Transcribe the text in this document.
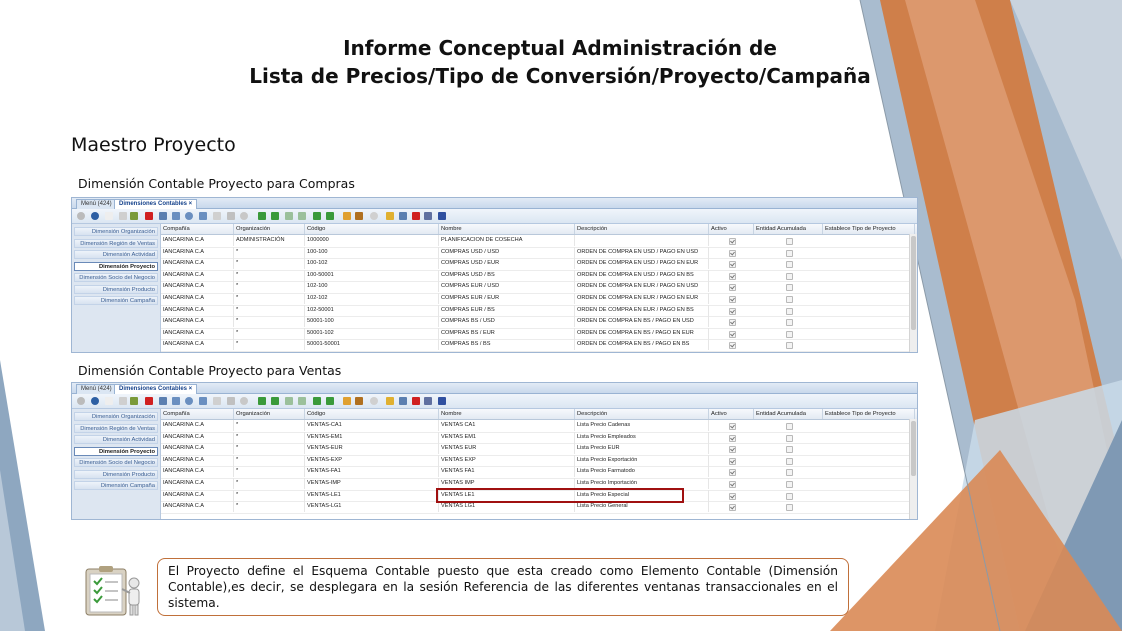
Informe Conceptual Administración de
Lista de Precios/Tipo de Conversión/Proyecto/Campaña
Maestro Proyecto
Dimensión Contable Proyecto para Compras
Menú (424)	Dimensiones Contables ×
Dimensión Organización
Dimensión Región de Ventas
Dimensión Actividad
Dimensión Proyecto
Dimensión Socio del Negocio
Dimensión Producto
Dimensión Campaña
Compañía	Organización	Código	Nombre	Descripción	Activo	Entidad Acumulada	Establece Tipo de Proyecto
IANCARINA C.A	ADMINISTRACIÓN	1000000	PLANIFICACION DE COSECHA
IANCARINA C.A	*	100-100	COMPRAS USD / USD	ORDEN DE COMPRA EN USD / PAGO EN USD
IANCARINA C.A	*	100-102	COMPRAS USD / EUR	ORDEN DE COMPRA EN USD / PAGO EN EUR
IANCARINA C.A	*	100-50001	COMPRAS USD / BS	ORDEN DE COMPRA EN USD / PAGO EN BS
IANCARINA C.A	*	102-100	COMPRAS EUR / USD	ORDEN DE COMPRA EN EUR / PAGO EN USD
IANCARINA C.A	*	102-102	COMPRAS EUR / EUR	ORDEN DE COMPRA EN EUR / PAGO EN EUR
IANCARINA C.A	*	102-50001	COMPRAS EUR / BS	ORDEN DE COMPRA EN EUR / PAGO EN BS
IANCARINA C.A	*	50001-100	COMPRAS BS / USD	ORDEN DE COMPRA EN BS / PAGO EN USD
IANCARINA C.A	*	50001-102	COMPRAS BS / EUR	ORDEN DE COMPRA EN BS / PAGO EN EUR
IANCARINA C.A	*	50001-50001	COMPRAS BS / BS	ORDEN DE COMPRA EN BS / PAGO EN BS
Dimensión Contable Proyecto para Ventas
Menú (424)	Dimensiones Contables ×
Dimensión Organización
Dimensión Región de Ventas
Dimensión Actividad
Dimensión Proyecto
Dimensión Socio del Negocio
Dimensión Producto
Dimensión Campaña
Compañía	Organización	Código	Nombre	Descripción	Activo	Entidad Acumulada	Establece Tipo de Proyecto
IANCARINA C.A	*	VENTAS-CA1	VENTAS CA1	Lista Precio Cadenas
IANCARINA C.A	*	VENTAS-EM1	VENTAS EM1	Lista Precio Empleados
IANCARINA C.A	*	VENTAS-EUR	VENTAS EUR	Lista Precio EUR
IANCARINA C.A	*	VENTAS-EXP	VENTAS EXP	Lista Precio Exportación
IANCARINA C.A	*	VENTAS-FA1	VENTAS FA1	Lista Precio Farmatodo
IANCARINA C.A	*	VENTAS-IMP	VENTAS IMP	Lista Precio Importación
IANCARINA C.A	*	VENTAS-LE1	VENTAS LE1	Lista Precio Especial
IANCARINA C.A	*	VENTAS-LG1	VENTAS LG1	Lista Precio General
El Proyecto define el Esquema Contable puesto que esta creado como Elemento Contable (Dimensión Contable),es decir, se desplegara en la sesión Referencia de las diferentes ventanas transaccionales en el sistema.
